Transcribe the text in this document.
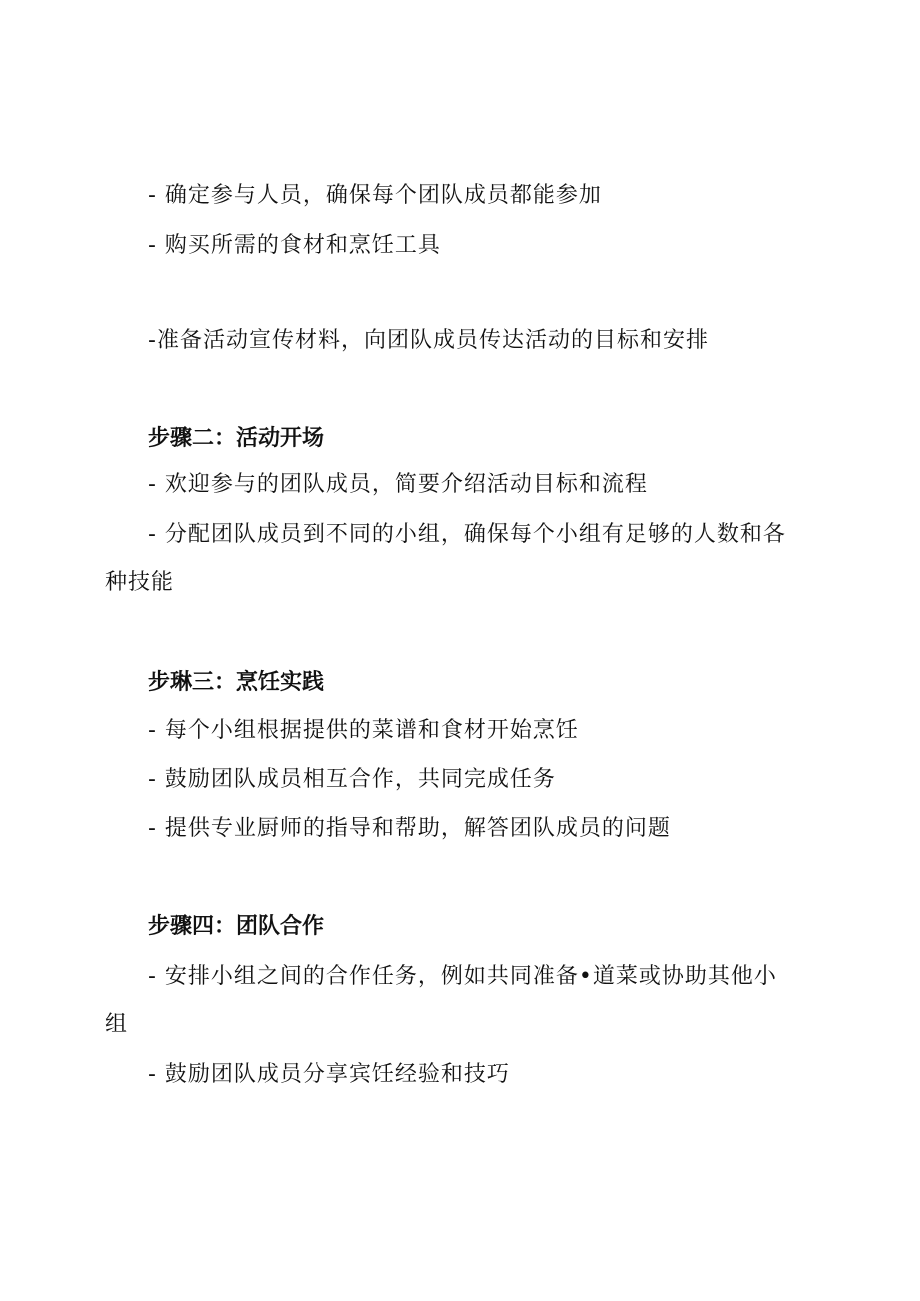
- 确定参与人员，确保每个团队成员都能参加
- 购买所需的食材和烹饪工具
-准备活动宣传材料，向团队成员传达活动的目标和安排
步骤二：活动开场
- 欢迎参与的团队成员，简要介绍活动目标和流程
- 分配团队成员到不同的小组，确保每个小组有足够的人数和各
种技能
步琳三：烹饪实践
- 每个小组根据提供的菜谱和食材开始烹饪
- 鼓励团队成员相互合作，共同完成任务
- 提供专业厨师的指导和帮助，解答团队成员的问题
步骤四：团队合作
- 安排小组之间的合作任务，例如共同准备•道菜或协助其他小
组
- 鼓励团队成员分享宾饪经验和技巧
